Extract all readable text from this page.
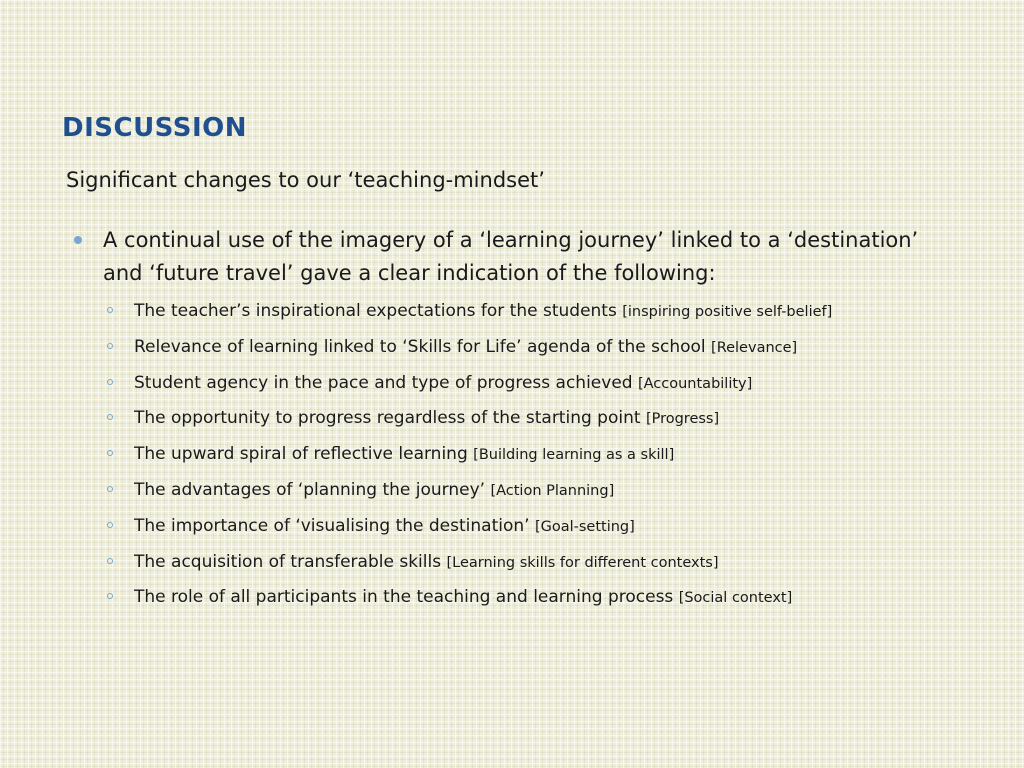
DISCUSSION

Significant changes to our ‘teaching-mindset’

A continual use of the imagery of a ‘learning journey’ linked to a ‘destination’ and ‘future travel’ gave a clear indication of the following:
The teacher’s inspirational expectations for the students [inspiring positive self-belief]
Relevance of learning linked to ‘Skills for Life’ agenda of the school [Relevance]
Student agency in the pace and type of progress achieved [Accountability]
The opportunity to progress regardless of the starting point [Progress]
The upward spiral of reflective learning [Building learning as a skill]
The advantages of ‘planning the journey’ [Action Planning]
The importance of ‘visualising the destination’ [Goal-setting]
The acquisition of transferable skills [Learning skills for different contexts]
The role of all participants in the teaching and learning process [Social context]
